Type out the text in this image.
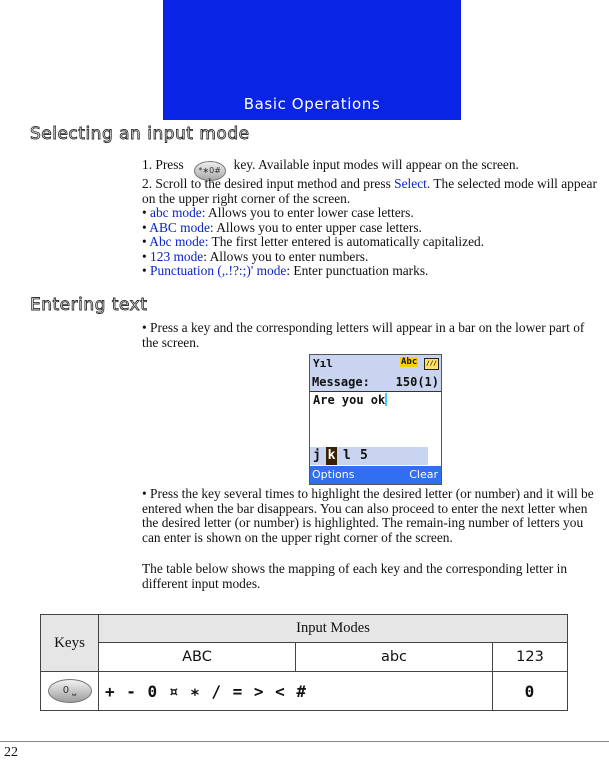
Basic Operations
Selecting an input mode
1. Press *∗0# key. Available input modes will appear on the screen.
2. Scroll to the desired input method and press Select. The selected mode will appear on the upper right corner of the screen.
• abc mode: Allows you to enter lower case letters.
• ABC mode: Allows you to enter upper case letters.
• Abc mode: The first letter entered is automatically capitalized.
• 123 mode: Allows you to enter numbers.
• Punctuation (,.!?:;)' mode: Enter punctuation marks.
Entering text
• Press a key and the corresponding letters will appear in a bar on the lower part of the screen.
Yıl	Abc	///
Message: 150(1)
Are you ok
j k l 5
Options	Clear
• Press the key several times to highlight the desired letter (or number) and it will be entered when the bar disappears. You can also proceed to enter the next letter when the desired letter (or number) is highlighted. The remain-ing number of letters you can enter is shown on the upper right corner of the screen.
The table below shows the mapping of each key and the corresponding letter in different input modes.
Keys	Input Modes		
	ABC	abc	123
0 ⎵	+ - 0 ¤ ∗ / = > < #		0
22
